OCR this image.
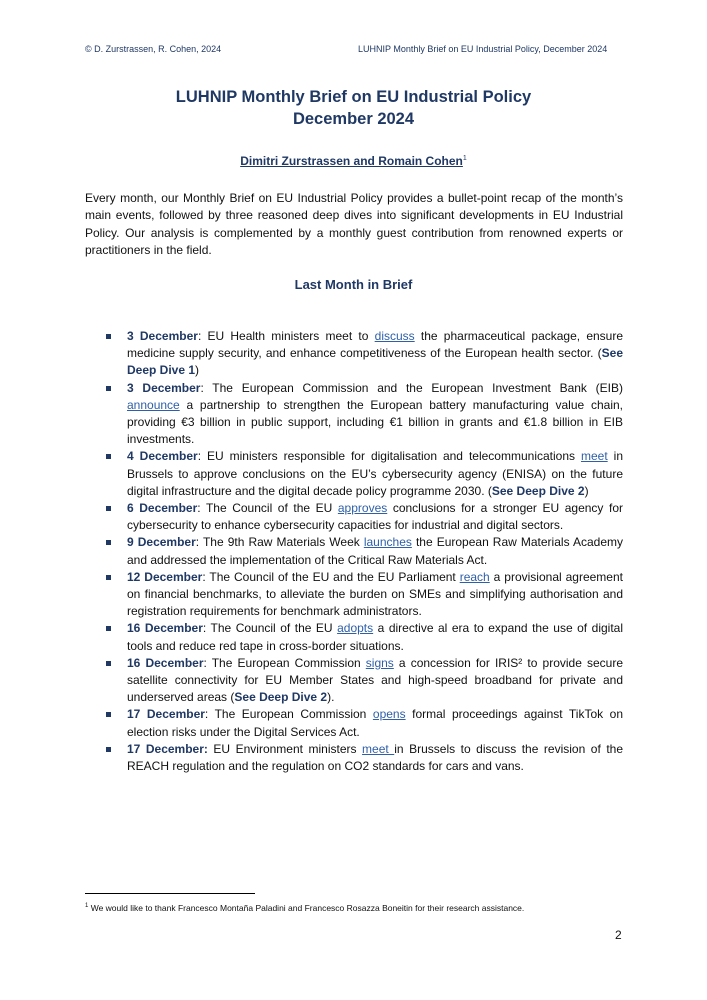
© D. Zurstrassen, R. Cohen, 2024	LUHNIP Monthly Brief on EU Industrial Policy, December 2024
LUHNIP Monthly Brief on EU Industrial Policy
December 2024
Dimitri Zurstrassen and Romain Cohen$^1$

Every month, our Monthly Brief on EU Industrial Policy provides a bullet-point recap of the month’s main events, followed by three reasoned deep dives into significant developments in EU Industrial Policy. Our analysis is complemented by a monthly guest contribution from renowned experts or practitioners in the field.

Last Month in Brief
3 December: EU Health ministers meet to discuss the pharmaceutical package, ensure medicine supply security, and enhance competitiveness of the European health sector. (See Deep Dive 1)
3 December: The European Commission and the European Investment Bank (EIB) announce a partnership to strengthen the European battery manufacturing value chain, providing €3 billion in public support, including €1 billion in grants and €1.8 billion in EIB investments.
4 December: EU ministers responsible for digitalisation and telecommunications meet in Brussels to approve conclusions on the EU’s cybersecurity agency (ENISA) on the future digital infrastructure and the digital decade policy programme 2030. (See Deep Dive 2)
6 December: The Council of the EU approves conclusions for a stronger EU agency for cybersecurity to enhance cybersecurity capacities for industrial and digital sectors.
9 December: The 9th Raw Materials Week launches the European Raw Materials Academy and addressed the implementation of the Critical Raw Materials Act.
12 December: The Council of the EU and the EU Parliament reach a provisional agreement on financial benchmarks, to alleviate the burden on SMEs and simplifying authorisation and registration requirements for benchmark administrators.
16 December: The Council of the EU adopts a directive al era to expand the use of digital tools and reduce red tape in cross-border situations.
16 December: The European Commission signs a concession for IRIS² to provide secure satellite connectivity for EU Member States and high-speed broadband for private and underserved areas (See Deep Dive 2).
17 December: The European Commission opens formal proceedings against TikTok on election risks under the Digital Services Act.
17 December: EU Environment ministers meet in Brussels to discuss the revision of the REACH regulation and the regulation on CO2 standards for cars and vans.
$^1$ We would like to thank Francesco Montaña Paladini and Francesco Rosazza Boneitin for their research assistance.
2
